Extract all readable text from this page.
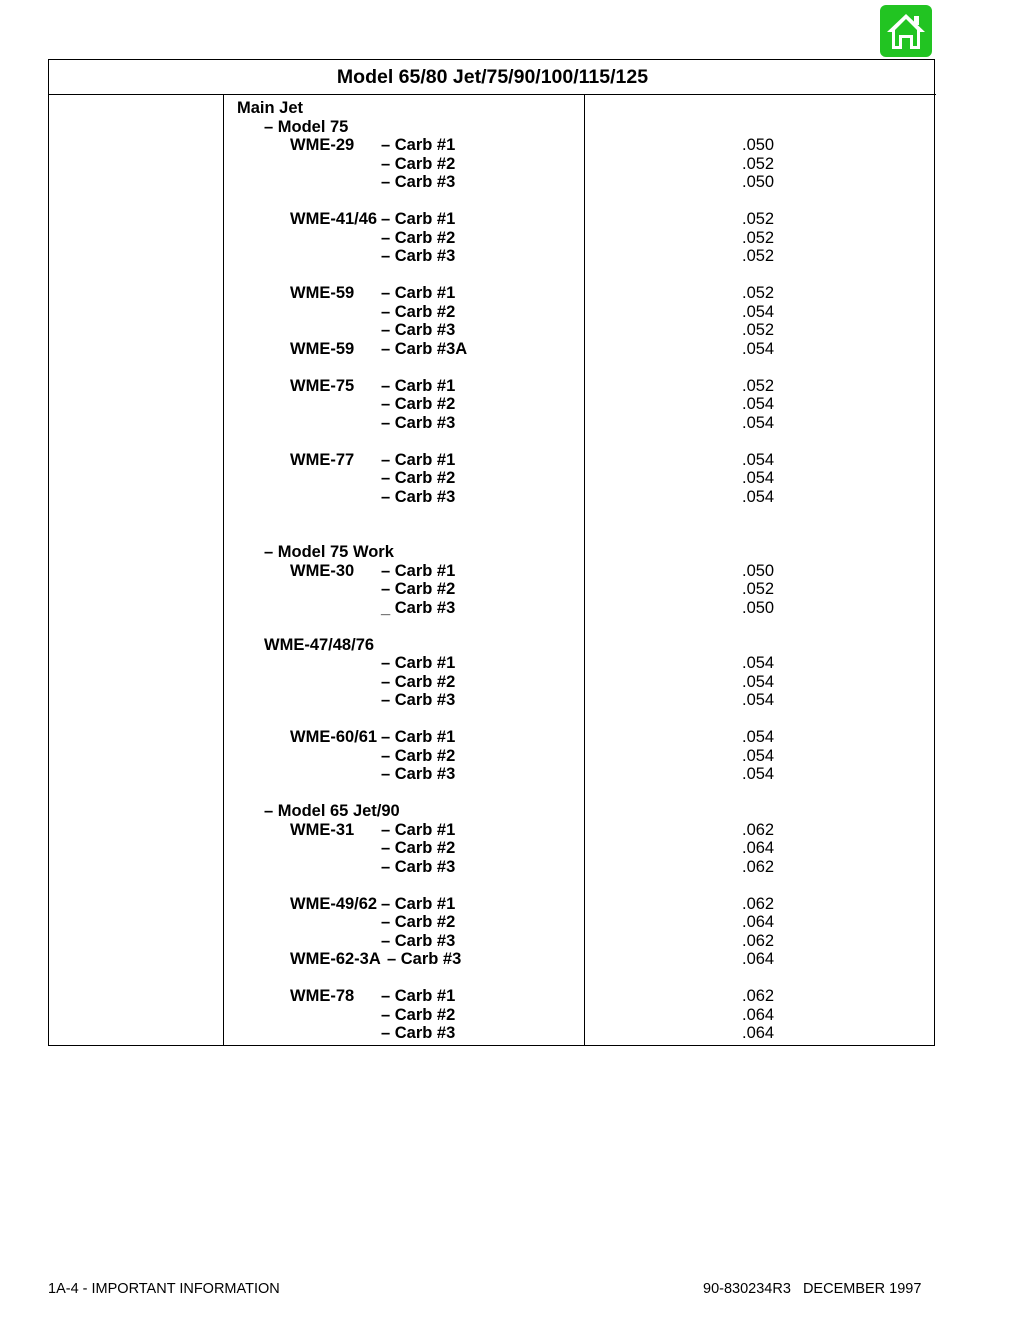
Model 65/80 Jet/75/90/100/115/125
Main Jet
– Model 75
WME-29 – Carb #1	.050
– Carb #2	.052
– Carb #3	.050
WME-41/46 – Carb #1	.052
– Carb #2	.052
– Carb #3	.052
WME-59 – Carb #1	.052
– Carb #2	.054
– Carb #3	.052
WME-59 – Carb #3A	.054
WME-75 – Carb #1	.052
– Carb #2	.054
– Carb #3	.054
WME-77 – Carb #1	.054
– Carb #2	.054
– Carb #3	.054
– Model 75 Work
WME-30 – Carb #1	.050
– Carb #2	.052
_ Carb #3	.050
WME-47/48/76
– Carb #1	.054
– Carb #2	.054
– Carb #3	.054
WME-60/61 – Carb #1	.054
– Carb #2	.054
– Carb #3	.054
– Model 65 Jet/90
WME-31 – Carb #1	.062
– Carb #2	.064
– Carb #3	.062
WME-49/62 – Carb #1	.062
– Carb #2	.064
– Carb #3	.062
WME-62-3A – Carb #3	.064
WME-78 – Carb #1	.062
– Carb #2	.064
– Carb #3	.064
1A-4 - IMPORTANT INFORMATION	90-830234R3   DECEMBER 1997
